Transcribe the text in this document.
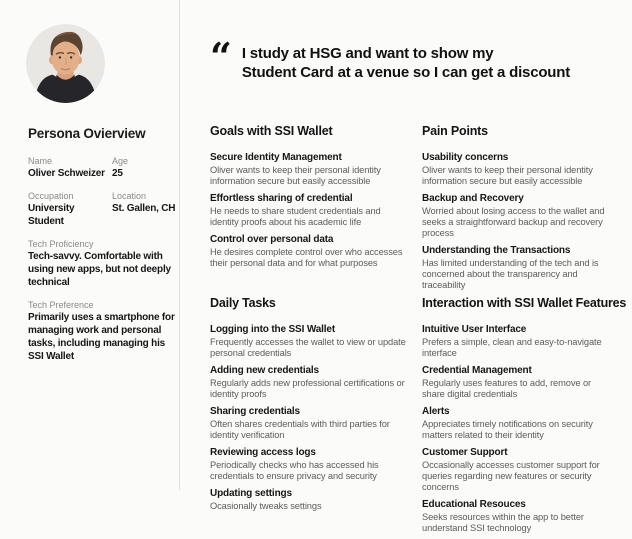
Persona Ovierview
Name
Oliver Schweizer
Age
25
Occupation
University Student
Location
St. Gallen, CH
Tech Proficiency
Tech-savvy. Comfortable with using new apps, but not deeply technical
Tech Preference
Primarily uses a smartphone for managing work and personal tasks, including managing his SSI Wallet
“ I study at HSG and want to show my
Student Card at a venue so I can get a discount
Goals with SSI Wallet
Secure Identity Management

Oliver wants to keep their personal identity information secure but easily accessible

Effortless sharing of credential

He needs to share student credentials and identity proofs about his academic life

Control over personal data

He desires complete control over who accesses their personal data and for what purposes

Pain Points
Usability concerns

Oliver wants to keep their personal identity information secure but easily accessible

Backup and Recovery

Worried about losing access to the wallet and seeks a straightforward backup and recovery process

Understanding the Transactions

Has limited understanding of the tech and is concerned about the transparency and traceability

Daily Tasks
Logging into the SSI Wallet

Frequently accesses the wallet to view or update personal credentials

Adding new credentials

Regularly adds new professional certifications or identity proofs

Sharing credentials

Often shares credentials with third parties for identity verification

Reviewing access logs

Periodically checks who has accessed his credentials to ensure privacy and security

Updating settings

Ocasionally tweaks settings

Interaction with SSI Wallet Features
Intuitive User Interface

Prefers a simple, clean and easy-to-navigate interface

Credential Management

Regularly uses features to add, remove or share digital credentials

Alerts

Appreciates timely notifications on security matters related to their identity

Customer Support

Occasionally accesses customer support for queries regarding new features or security concerns

Educational Resouces

Seeks resources within the app to better understand SSI technology
